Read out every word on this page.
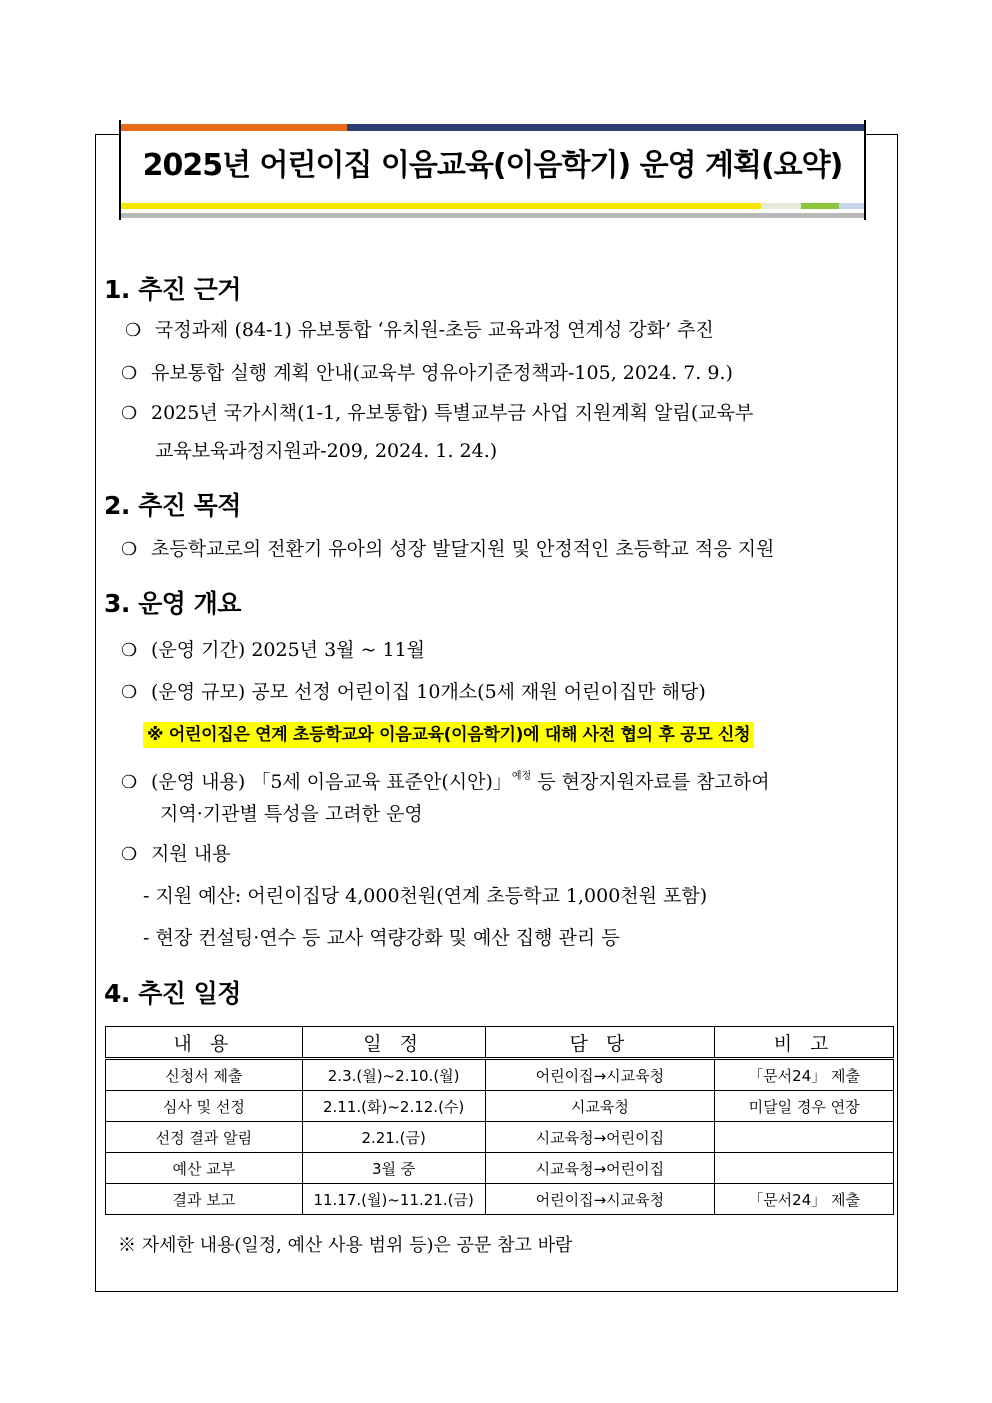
2025년 어린이집 이음교육(이음학기) 운영 계획(요약)
1. 추진 근거
❍ 국정과제 (84-1) 유보통합 ‘유치원-초등 교육과정 연계성 강화’ 추진
❍ 유보통합 실행 계획 안내(교육부 영유아기준정책과-105, 2024. 7. 9.)
❍ 2025년 국가시책(1-1, 유보통합) 특별교부금 사업 지원계획 알림(교육부
교육보육과정지원과-209, 2024. 1. 24.)
2. 추진 목적
❍ 초등학교로의 전환기 유아의 성장 발달지원 및 안정적인 초등학교 적응 지원
3. 운영 개요
❍ (운영 기간) 2025년 3월 ~ 11월
❍ (운영 규모) 공모 선정 어린이집 10개소(5세 재원 어린이집만 해당)
※ 어린이집은 연계 초등학교와 이음교육(이음학기)에 대해 사전 협의 후 공모 신청
❍ (운영 내용) 「5세 이음교육 표준안(시안)」$^{예정}$ 등 현장지원자료를 참고하여
지역·기관별 특성을 고려한 운영
❍ 지원 내용
- 지원 예산: 어린이집당 4,000천원(연계 초등학교 1,000천원 포함)
- 현장 컨설팅·연수 등 교사 역량강화 및 예산 집행 관리 등
4. 추진 일정
내 용	일 정	담 당	비 고
신청서 제출	2.3.(월)~2.10.(월)	어린이집→시교육청	「문서24」 제출
심사 및 선정	2.11.(화)~2.12.(수)	시교육청	미달일 경우 연장
선정 결과 알림	2.21.(금)	시교육청→어린이집	
예산 교부	3월 중	시교육청→어린이집	
결과 보고	11.17.(월)~11.21.(금)	어린이집→시교육청	「문서24」 제출
※ 자세한 내용(일정, 예산 사용 범위 등)은 공문 참고 바람
